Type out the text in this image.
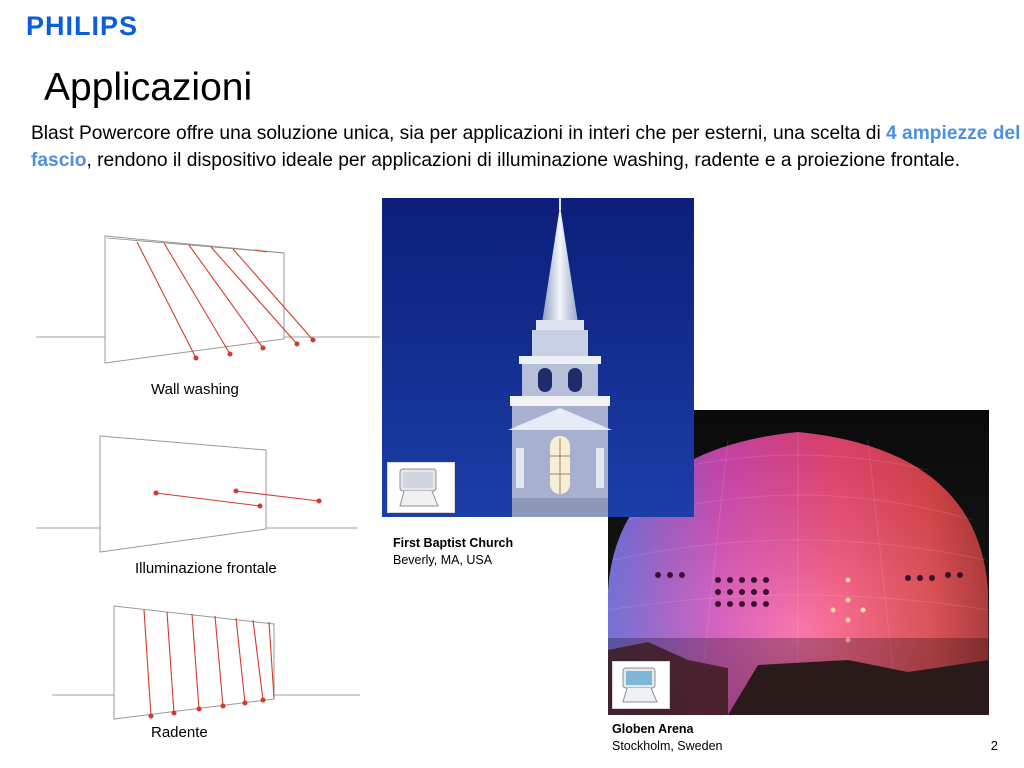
PHILIPS
Applicazioni
Blast Powercore offre una soluzione unica, sia per applicazioni in interi che per esterni, una scelta di 4 ampiezze del fascio, rendono il dispositivo ideale per applicazioni di illuminazione washing, radente e a proiezione frontale.
Wall washing
Illuminazione frontale
Radente
First Baptist Church
Beverly, MA, USA
Globen Arena
Stockholm, Sweden	2
